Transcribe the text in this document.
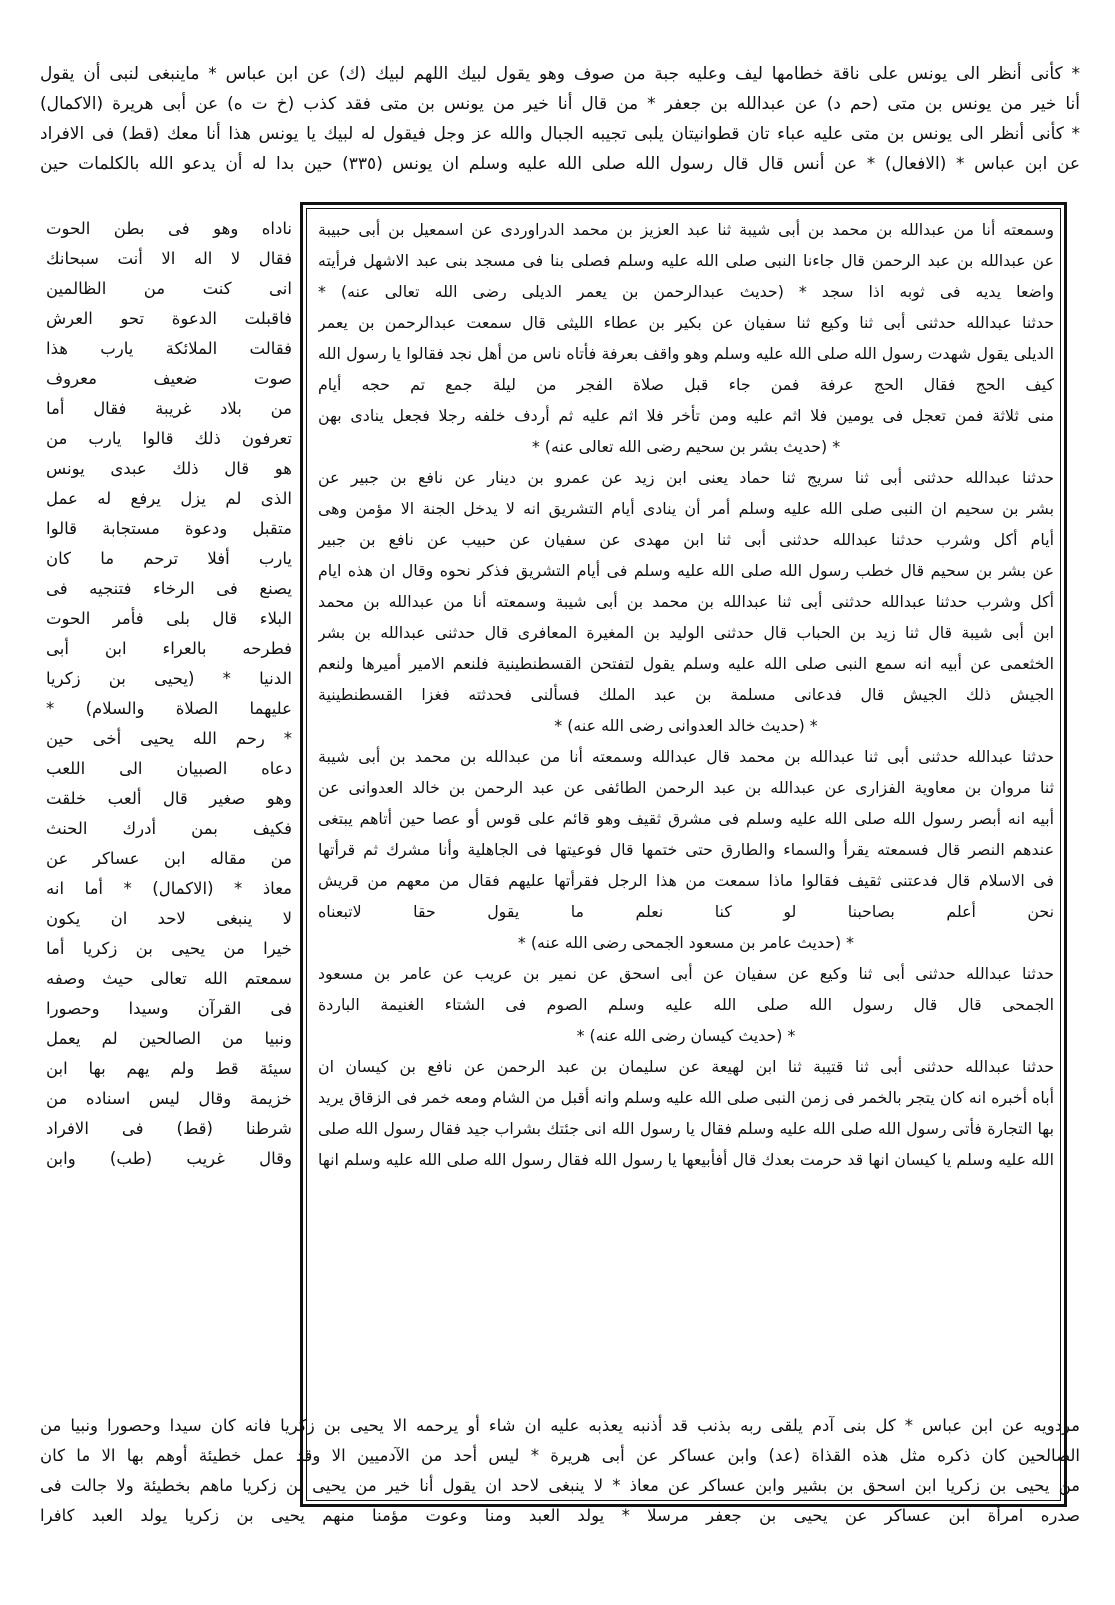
* كأنى أنظر الى يونس على ناقة خطامها ليف وعليه جبة من صوف وهو يقول لبيك اللهم لبيك (ك) عن ابن عباس * ماينبغى لنبى أن يقول
أنا خير من يونس بن متى (حم د) عن عبدالله بن جعفر * من قال أنا خير من يونس بن متى فقد كذب (خ ت ه) عن أبى هريرة (الاكمال)
* كأنى أنظر الى يونس بن متى عليه عباء تان قطوانيتان يلبى تجيبه الجبال والله عز وجل فيقول له لبيك يا يونس هذا أنا معك (قط) فى الافراد
عن ابن عباس * (الافعال) * عن أنس قال قال رسول الله صلى الله عليه وسلم ان يونس (٣٣٥) حين بدا له أن يدعو الله بالكلمات حين
وسمعته أنا من عبدالله بن محمد بن أبى شيبة ثنا عبد العزيز بن محمد الدراوردى عن اسمعيل بن أبى حبيبة
عن عبدالله بن عبد الرحمن قال جاءنا النبى صلى الله عليه وسلم فصلى بنا فى مسجد بنى عبد الاشهل فرأيته
واضعا يديه فى ثوبه اذا سجد * (حديث عبدالرحمن بن يعمر الديلى رضى الله تعالى عنه) *
حدثنا عبدالله حدثنى أبى ثنا وكيع ثنا سفيان عن بكير بن عطاء الليثى قال سمعت عبدالرحمن بن يعمر
الديلى يقول شهدت رسول الله صلى الله عليه وسلم وهو واقف بعرفة فأتاه ناس من أهل نجد فقالوا يا رسول الله
كيف الحج فقال الحج عرفة فمن جاء قبل صلاة الفجر من ليلة جمع تم حجه أيام
منى ثلاثة فمن تعجل فى يومين فلا اثم عليه ومن تأخر فلا اثم عليه ثم أردف خلفه رجلا فجعل ينادى بهن
* (حديث بشر بن سحيم رضى الله تعالى عنه) *
حدثنا عبدالله حدثنى أبى ثنا سريج ثنا حماد يعنى ابن زيد عن عمرو بن دينار عن نافع بن جبير عن
بشر بن سحيم ان النبى صلى الله عليه وسلم أمر أن ينادى أيام التشريق انه لا يدخل الجنة الا مؤمن وهى
أيام أكل وشرب حدثنا عبدالله حدثنى أبى ثنا ابن مهدى عن سفيان عن حبيب عن نافع بن جبير
عن بشر بن سحيم قال خطب رسول الله صلى الله عليه وسلم فى أيام التشريق فذكر نحوه وقال ان هذه ايام
أكل وشرب حدثنا عبدالله حدثنى أبى ثنا عبدالله بن محمد بن أبى شيبة وسمعته أنا من عبدالله بن محمد
ابن أبى شيبة قال ثنا زيد بن الحباب قال حدثنى الوليد بن المغيرة المعافرى قال حدثنى عبدالله بن بشر
الخثعمى عن أبيه انه سمع النبى صلى الله عليه وسلم يقول لتفتحن القسطنطينية فلنعم الامير أميرها ولنعم
الجيش ذلك الجيش قال فدعانى مسلمة بن عبد الملك فسألنى فحدثته فغزا القسطنطينية
* (حديث خالد العدوانى رضى الله عنه) *
حدثنا عبدالله حدثنى أبى ثنا عبدالله بن محمد قال عبدالله وسمعته أنا من عبدالله بن محمد بن أبى شيبة
ثنا مروان بن معاوية الفزارى عن عبدالله بن عبد الرحمن الطائفى عن عبد الرحمن بن خالد العدوانى عن
أبيه انه أبصر رسول الله صلى الله عليه وسلم فى مشرق ثقيف وهو قائم على قوس أو عصا حين أتاهم يبتغى
عندهم النصر قال فسمعته يقرأ والسماء والطارق حتى ختمها قال فوعيتها فى الجاهلية وأنا مشرك ثم قرأتها
فى الاسلام قال فدعتنى ثقيف فقالوا ماذا سمعت من هذا الرجل فقرأتها عليهم فقال من معهم من قريش
نحن أعلم بصاحبنا لو كنا نعلم ما يقول حقا لاتبعناه
* (حديث عامر بن مسعود الجمحى رضى الله عنه) *
حدثنا عبدالله حدثنى أبى ثنا وكيع عن سفيان عن أبى اسحق عن نمير بن عريب عن عامر بن مسعود
الجمحى قال قال رسول الله صلى الله عليه وسلم الصوم فى الشتاء الغنيمة الباردة
* (حديث كيسان رضى الله عنه) *
حدثنا عبدالله حدثنى أبى ثنا قتيبة ثنا ابن لهيعة عن سليمان بن عبد الرحمن عن نافع بن كيسان ان
أباه أخبره انه كان يتجر بالخمر فى زمن النبى صلى الله عليه وسلم وانه أقبل من الشام ومعه خمر فى الزقاق يريد
بها التجارة فأتى رسول الله صلى الله عليه وسلم فقال يا رسول الله انى جئتك بشراب جيد فقال رسول الله صلى
الله عليه وسلم يا كيسان انها قد حرمت بعدك قال أفأبيعها يا رسول الله فقال رسول الله صلى الله عليه وسلم انها
ناداه وهو فى بطن الحوت
فقال لا اله الا أنت سبحانك
انى كنت من الظالمين
فاقبلت الدعوة تحو العرش
فقالت الملائكة يارب هذا
صوت ضعيف معروف
من بلاد غريبة فقال أما
تعرفون ذلك قالوا يارب من
هو قال ذلك عبدى يونس
الذى لم يزل يرفع له عمل
متقبل ودعوة مستجابة قالوا
يارب أفلا ترحم ما كان
يصنع فى الرخاء فتنجيه فى
البلاء قال بلى فأمر الحوت
فطرحه بالعراء ابن أبى
الدنيا * (يحيى بن زكريا
عليهما الصلاة والسلام) *
* رحم الله يحيى أخى حين
دعاه الصبيان الى اللعب
وهو صغير قال ألعب خلقت
فكيف بمن أدرك الحنث
من مقاله ابن عساكر عن
معاذ * (الاكمال) * أما انه
لا ينبغى لاحد ان يكون
خيرا من يحيى بن زكريا أما
سمعتم الله تعالى حيث وصفه
فى القرآن وسيدا وحصورا
ونبيا من الصالحين لم يعمل
سيئة قط ولم يهم بها ابن
خزيمة وقال ليس اسناده من
شرطنا (قط) فى الافراد
وقال غريب (طب) وابن
مردويه عن ابن عباس * كل بنى آدم يلقى ربه بذنب قد أذنبه يعذبه عليه ان شاء أو يرحمه الا يحيى بن زكريا فانه كان سيدا وحصورا ونبيا من
الصالحين كان ذكره مثل هذه القذاة (عد) وابن عساكر عن أبى هريرة * ليس أحد من الآدميين الا وقد عمل خطيئة أوهم بها الا ما كان
من يحيى بن زكريا ابن اسحق بن بشير وابن عساكر عن معاذ * لا ينبغى لاحد ان يقول أنا خير من يحيى بن زكريا ماهم بخطيئة ولا جالت فى
صدره امرأة ابن عساكر عن يحيى بن جعفر مرسلا * يولد العبد ومنا وعوت مؤمنا منهم يحيى بن زكريا يولد العبد كافرا
